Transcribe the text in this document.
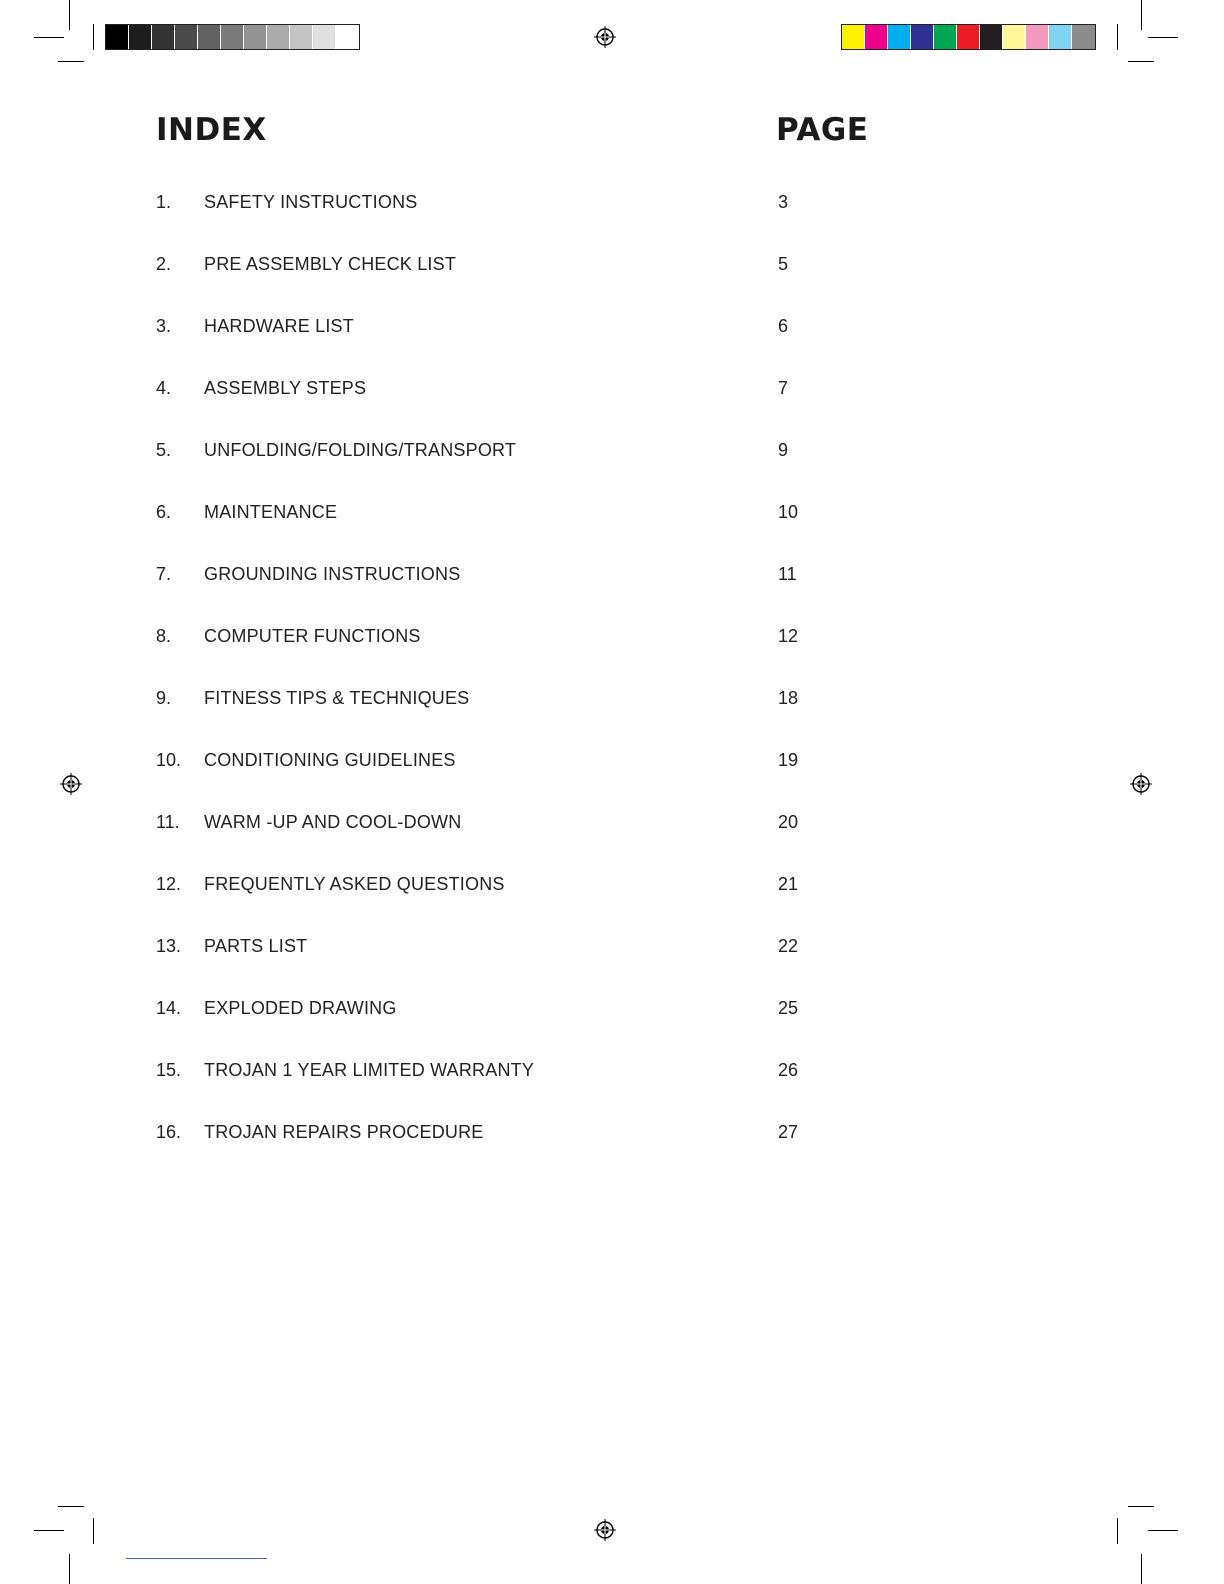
INDEX	PAGE
1. SAFETY INSTRUCTIONS	3
2. PRE ASSEMBLY CHECK LIST	5
3. HARDWARE LIST	6
4. ASSEMBLY STEPS	7
5. UNFOLDING/FOLDING/TRANSPORT	9
6. MAINTENANCE	10
7. GROUNDING INSTRUCTIONS	11
8. COMPUTER FUNCTIONS	12
9. FITNESS TIPS & TECHNIQUES	18
10. CONDITIONING GUIDELINES	19
11. WARM -UP AND COOL-DOWN	20
12. FREQUENTLY ASKED QUESTIONS	21
13. PARTS LIST	22
14. EXPLODED DRAWING	25
15. TROJAN 1 YEAR LIMITED WARRANTY	26
16. TROJAN REPAIRS PROCEDURE	27
